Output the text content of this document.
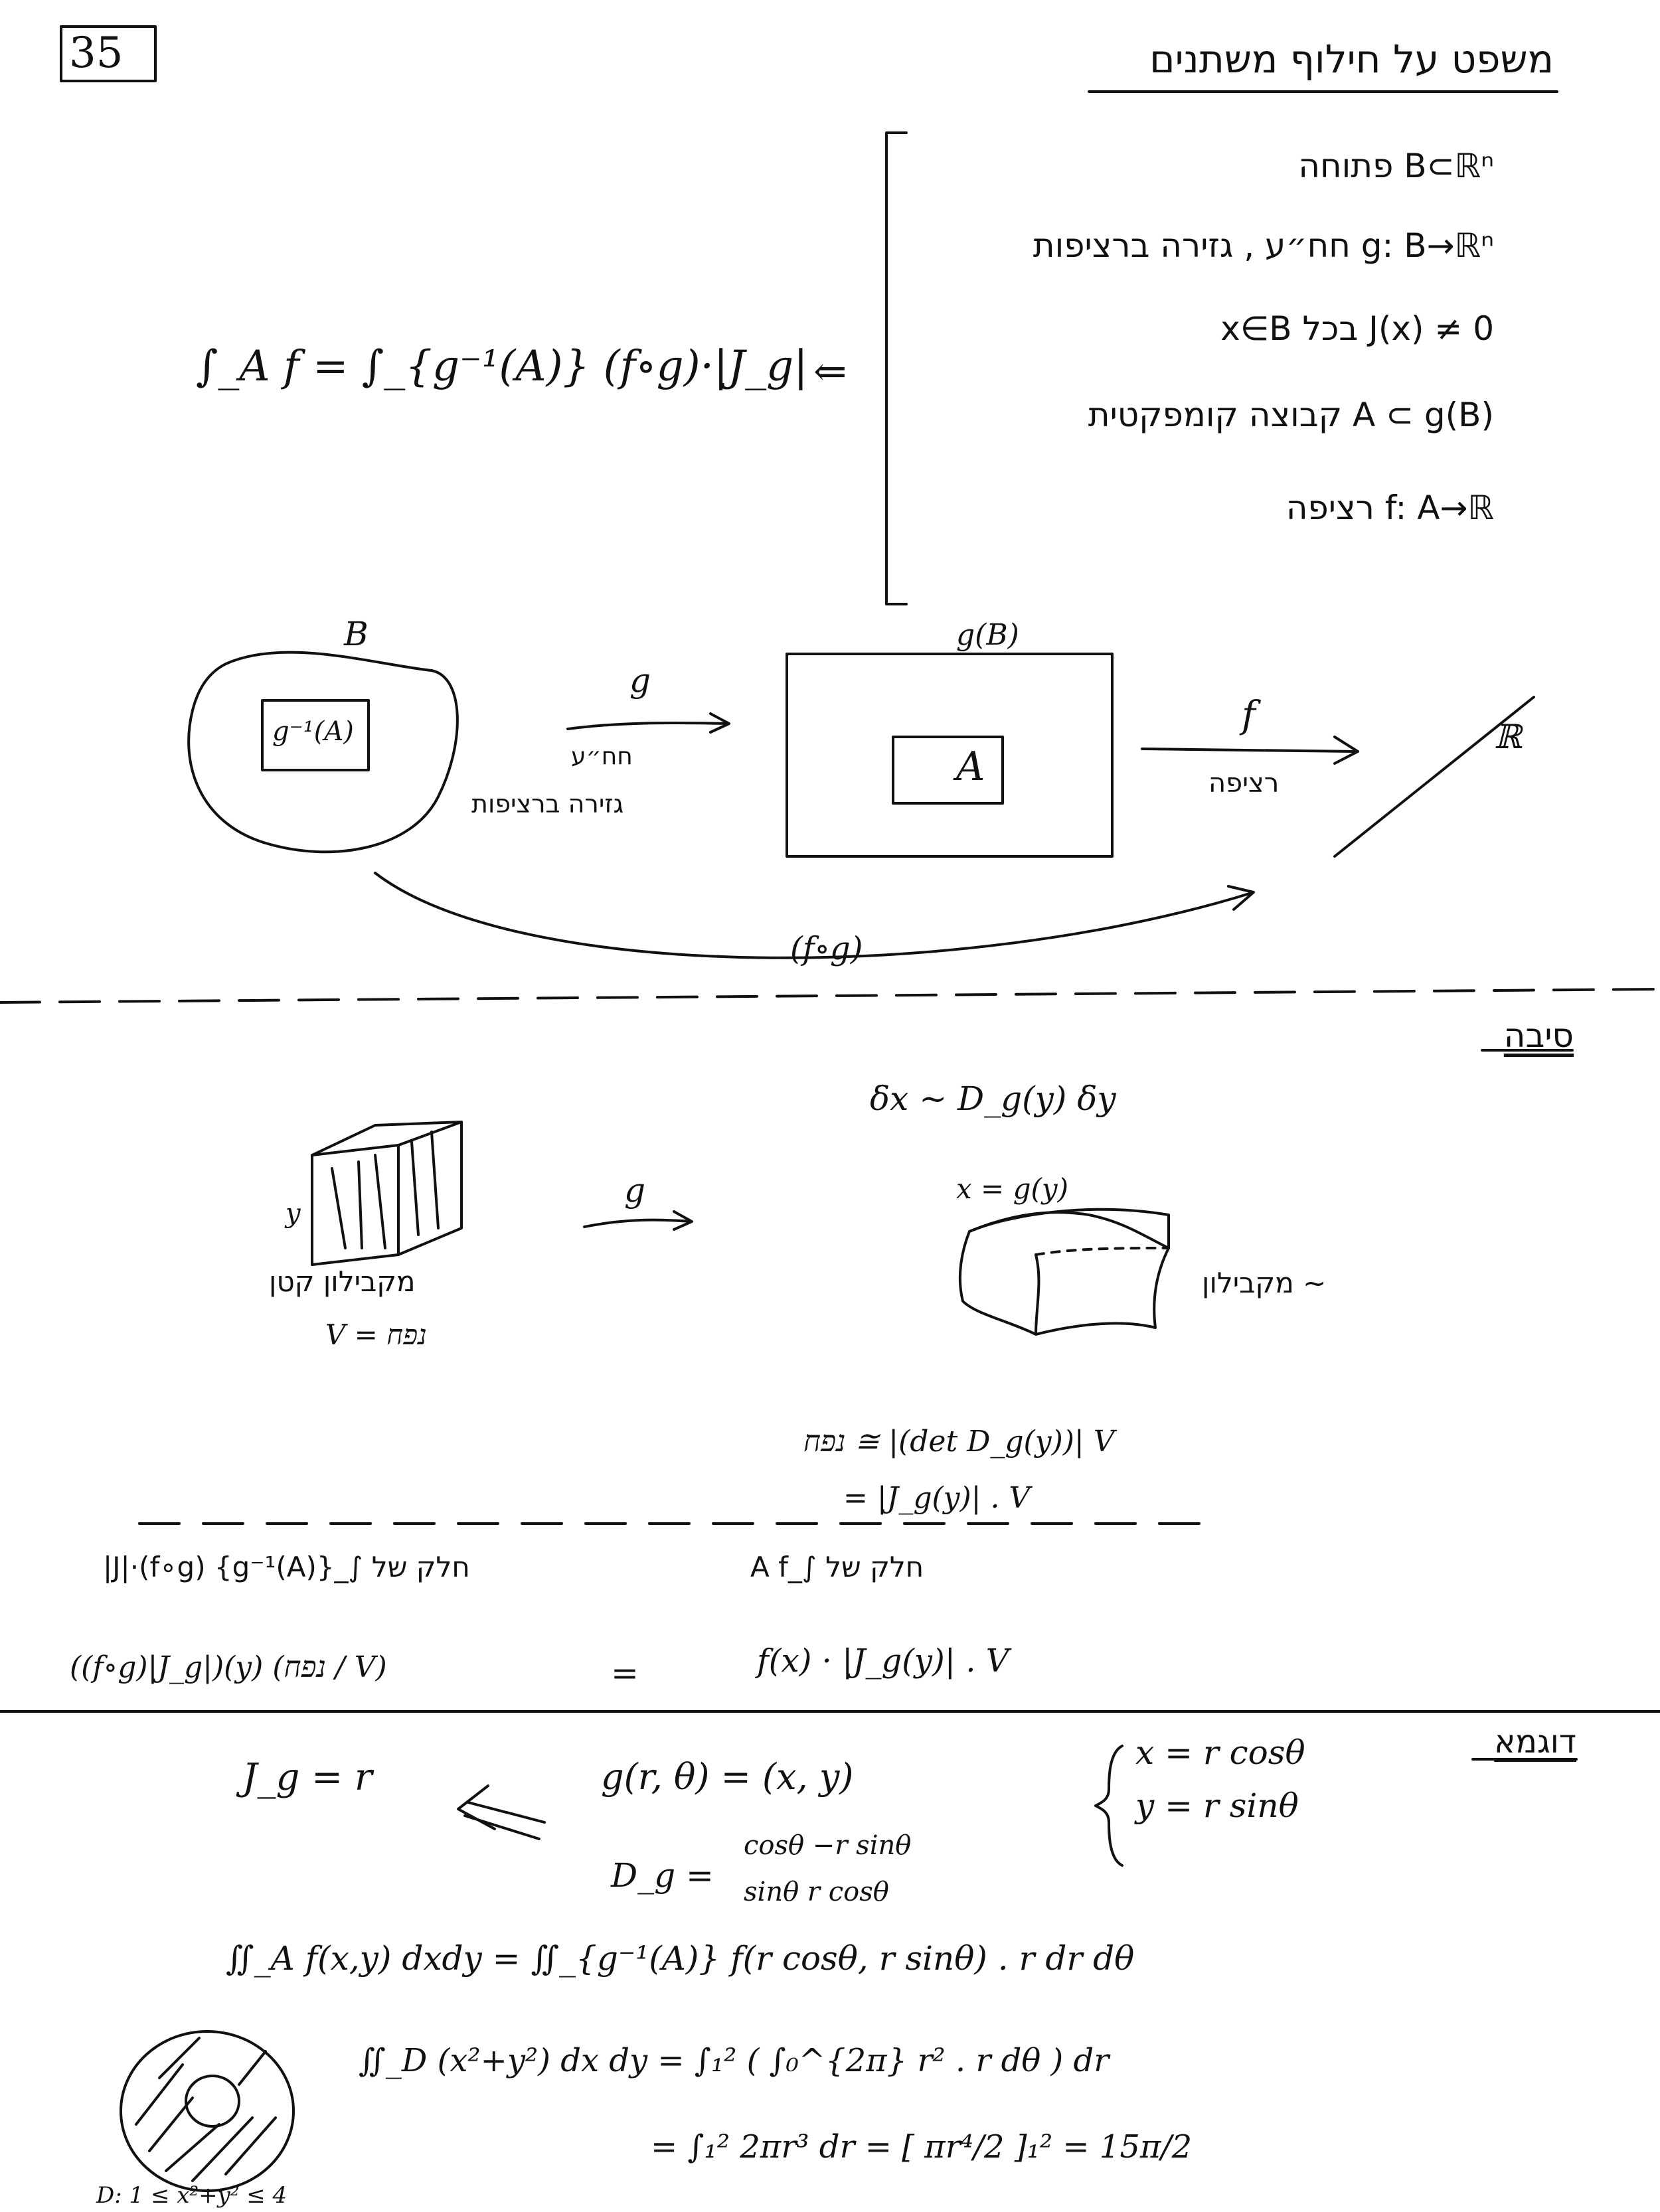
35	משפט על חילוף משתנים
B⊂ℝⁿ פתוחה
g: B→ℝⁿ חח״ע , גזירה ברציפות
J(x) ≠ 0 בכל x∈B
A ⊂ g(B) קבוצה קומפקטית
f: A→ℝ רציפה
⇐
∫_A f = ∫_{g⁻¹(A)} (f∘g)·|J_g|
B
g⁻¹(A)
g
חח״ע
גזירה ברציפות
g(B)
A
f
רציפה
ℝ
(f∘g)
סיבה
δx ~ D_g(y) δy
y
g
מקבילון קטן
V = נפח
x = g(y)
~ מקבילון
נפח ≅ |(det D_g(y))| V
= |J_g(y)| . V
חלק של ∫_{g⁻¹(A)} (f∘g)·|J|	חלק של ∫_A f
((f∘g)|J_g|)(y) (נפח / V)	=	f(x) · |J_g(y)| . V
דוגמא
x = r cosθ
y = r sinθ
g(r, θ) = (x, y)
J_g = r
D_g =
cosθ −r sinθ
sinθ r cosθ
∬_A f(x,y) dxdy = ∬_{g⁻¹(A)} f(r cosθ, r sinθ) . r dr dθ
∬_D (x²+y²) dx dy = ∫₁² ( ∫₀^{2π} r² . r dθ ) dr
= ∫₁² 2πr³ dr = [ πr⁴/2 ]₁² = 15π/2
D: 1 ≤ x²+y² ≤ 4
